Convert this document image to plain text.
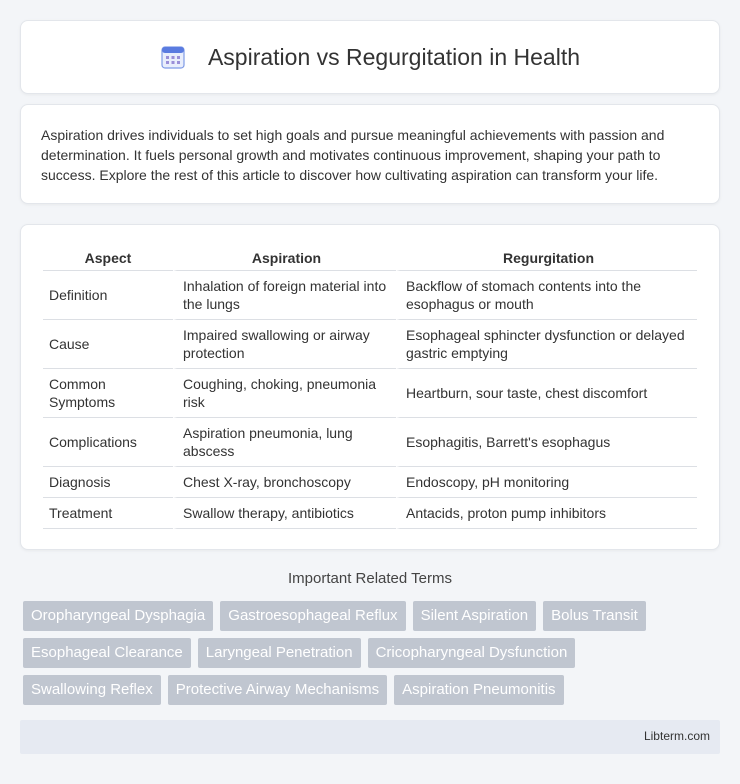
Aspiration vs Regurgitation in Health

Aspiration drives individuals to set high goals and pursue meaningful achievements with passion and determination. It fuels personal growth and motivates continuous improvement, shaping your path to success. Explore the rest of this article to discover how cultivating aspiration can transform your life.

Aspect	Aspiration	Regurgitation
Definition	Inhalation of foreign material into the lungs	Backflow of stomach contents into the esophagus or mouth
Cause	Impaired swallowing or airway protection	Esophageal sphincter dysfunction or delayed gastric emptying
Common Symptoms	Coughing, choking, pneumonia risk	Heartburn, sour taste, chest discomfort
Complications	Aspiration pneumonia, lung abscess	Esophagitis, Barrett's esophagus
Diagnosis	Chest X-ray, bronchoscopy	Endoscopy, pH monitoring
Treatment	Swallow therapy, antibiotics	Antacids, proton pump inhibitors
Important Related Terms
Oropharyngeal Dysphagia	Gastroesophageal Reflux	Silent Aspiration	Bolus Transit
Esophageal Clearance	Laryngeal Penetration	Cricopharyngeal Dysfunction
Swallowing Reflex	Protective Airway Mechanisms	Aspiration Pneumonitis
Libterm.com
